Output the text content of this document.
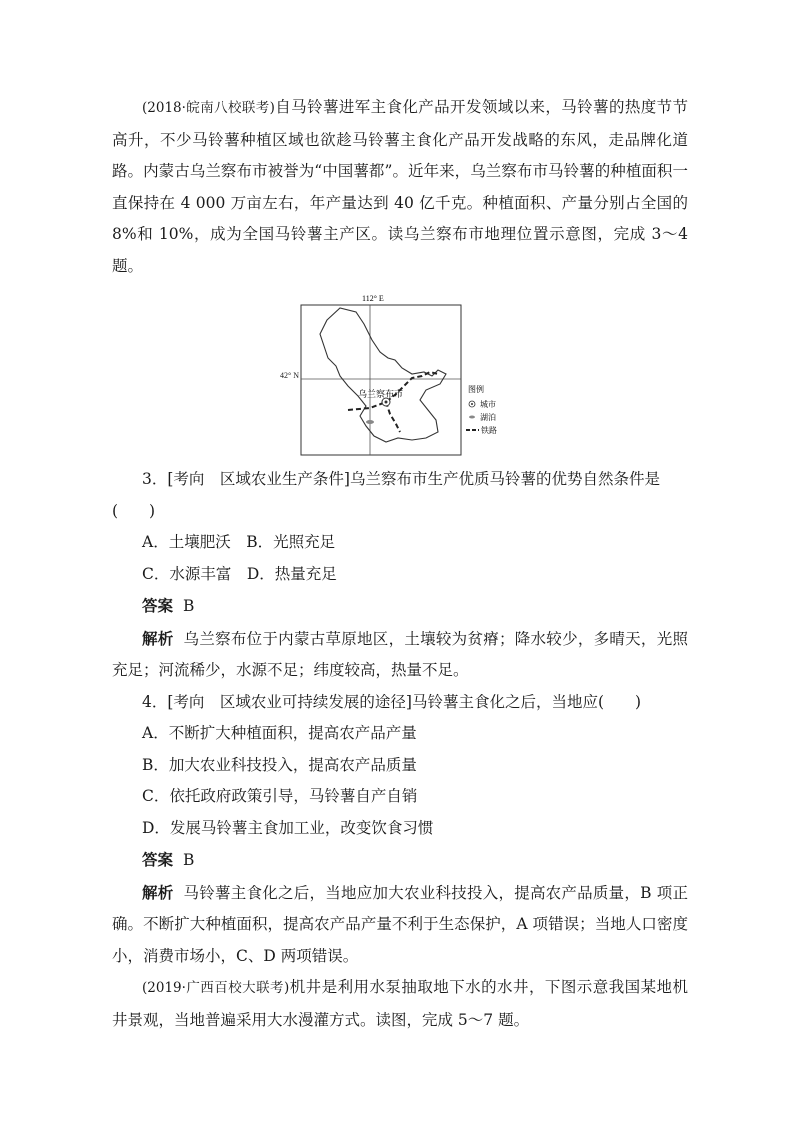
(2018·皖南八校联考)自马铃薯进军主食化产品开发领域以来，马铃薯的热度节节高升，不少马铃薯种植区域也欲趁马铃薯主食化产品开发战略的东风，走品牌化道路。内蒙古乌兰察布市被誉为“中国薯都”。近年来，乌兰察布市马铃薯的种植面积一直保持在 4 000 万亩左右，年产量达到 40 亿千克。种植面积、产量分别占全国的 8%和 10%，成为全国马铃薯主产区。读乌兰察布市地理位置示意图，完成 3～4 题。

112° E
乌兰察布市	图例
城市
湖泊
铁路
42° N

3．[考向　区域农业生产条件]乌兰察布市生产优质马铃薯的优势自然条件是

(　　)

A．土壤肥沃　B．光照充足

C．水源丰富　D．热量充足

答案 B

解析 乌兰察布位于内蒙古草原地区，土壤较为贫瘠；降水较少，多晴天，光照充足；河流稀少，水源不足；纬度较高，热量不足。

4．[考向　区域农业可持续发展的途径]马铃薯主食化之后，当地应(　　)

A．不断扩大种植面积，提高农产品产量

B．加大农业科技投入，提高农产品质量

C．依托政府政策引导，马铃薯自产自销

D．发展马铃薯主食加工业，改变饮食习惯

答案 B

解析 马铃薯主食化之后，当地应加大农业科技投入，提高农产品质量，B 项正确。不断扩大种植面积，提高农产品产量不利于生态保护，A 项错误；当地人口密度小，消费市场小，C、D 两项错误。

(2019·广西百校大联考)机井是利用水泵抽取地下水的水井，下图示意我国某地机井景观，当地普遍采用大水漫灌方式。读图，完成 5～7 题。
